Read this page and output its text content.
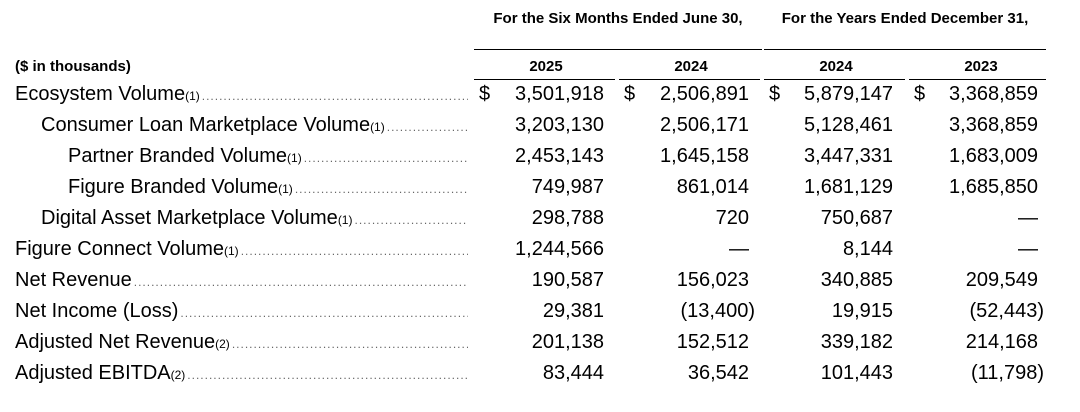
For the Six Months Ended June 30,	For the Years Ended December 31,
($ in thousands)	2025	2024	2024	2023
Ecosystem Volume (1) .....	$ 3,501,918 $ 2,506,891 $ 5,879,147 $ 3,368,859
Consumer Loan Marketplace Volume (1) .....	3,203,130	2,506,171	5,128,461	3,368,859
Partner Branded Volume (1) .....	2,453,143	1,645,158	3,447,331	1,683,009
Figure Branded Volume (1) .....	749,987	861,014	1,681,129	1,685,850
Digital Asset Marketplace Volume (1) .....	298,788	720	750,687	—
Figure Connect Volume (1) .....	1,244,566	—	8,144	—
Net Revenue .....	190,587	156,023	340,885	209,549
Net Income (Loss) .....	29,381	(13,400)	19,915	(52,443)
Adjusted Net Revenue (2) .....	201,138	152,512	339,182	214,168
Adjusted EBITDA (2) .....	83,444	36,542	101,443	(11,798)
